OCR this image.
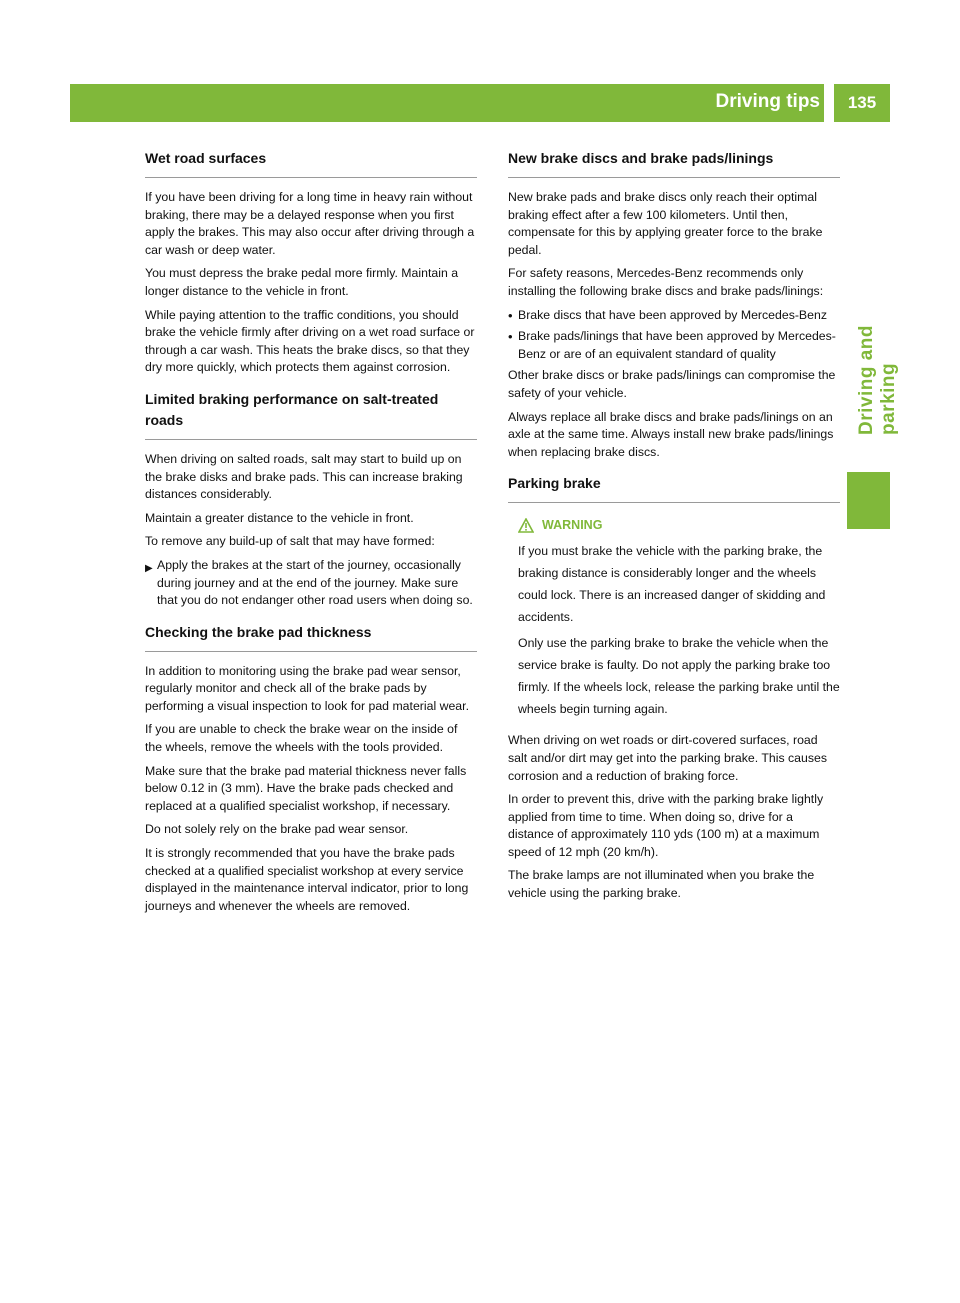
Driving tips	135
Driving and parking
Wet road surfaces

If you have been driving for a long time in heavy rain without braking, there may be a delayed response when you first apply the brakes. This may also occur after driving through a car wash or deep water.

You must depress the brake pedal more firmly. Maintain a longer distance to the vehicle in front.

While paying attention to the traffic conditions, you should brake the vehicle firmly after driving on a wet road surface or through a car wash. This heats the brake discs, so that they dry more quickly, which protects them against corrosion.

Limited braking performance on salt-treated roads

When driving on salted roads, salt may start to build up on the brake disks and brake pads. This can increase braking distances considerably.

Maintain a greater distance to the vehicle in front.

To remove any build-up of salt that may have formed:

▶ Apply the brakes at the start of the journey, occasionally during journey and at the end of the journey. Make sure that you do not endanger other road users when doing so.
Checking the brake pad thickness

In addition to monitoring using the brake pad wear sensor, regularly monitor and check all of the brake pads by performing a visual inspection to look for pad material wear.

If you are unable to check the brake wear on the inside of the wheels, remove the wheels with the tools provided.

Make sure that the brake pad material thickness never falls below 0.12 in (3 mm). Have the brake pads checked and replaced at a qualified specialist workshop, if necessary.

Do not solely rely on the brake pad wear sensor.

It is strongly recommended that you have the brake pads checked at a qualified specialist workshop at every service displayed in the maintenance interval indicator, prior to long journeys and whenever the wheels are removed.

New brake discs and brake pads/linings

New brake pads and brake discs only reach their optimal braking effect after a few 100 kilometers. Until then, compensate for this by applying greater force to the brake pedal.

For safety reasons, Mercedes-Benz recommends only installing the following brake discs and brake pads/linings:

• Brake discs that have been approved by Mercedes-Benz
• Brake pads/linings that have been approved by Mercedes-Benz or are of an equivalent standard of quality

Other brake discs or brake pads/linings can compromise the safety of your vehicle.

Always replace all brake discs and brake pads/linings on an axle at the same time. Always install new brake pads/linings when replacing brake discs.

Parking brake
WARNING

If you must brake the vehicle with the parking brake, the braking distance is considerably longer and the wheels could lock. There is an increased danger of skidding and accidents.

Only use the parking brake to brake the vehicle when the service brake is faulty. Do not apply the parking brake too firmly. If the wheels lock, release the parking brake until the wheels begin turning again.

When driving on wet roads or dirt-covered surfaces, road salt and/or dirt may get into the parking brake. This causes corrosion and a reduction of braking force.

In order to prevent this, drive with the parking brake lightly applied from time to time. When doing so, drive for a distance of approximately 110 yds (100 m) at a maximum speed of 12 mph (20 km/h).

The brake lamps are not illuminated when you brake the vehicle using the parking brake.
